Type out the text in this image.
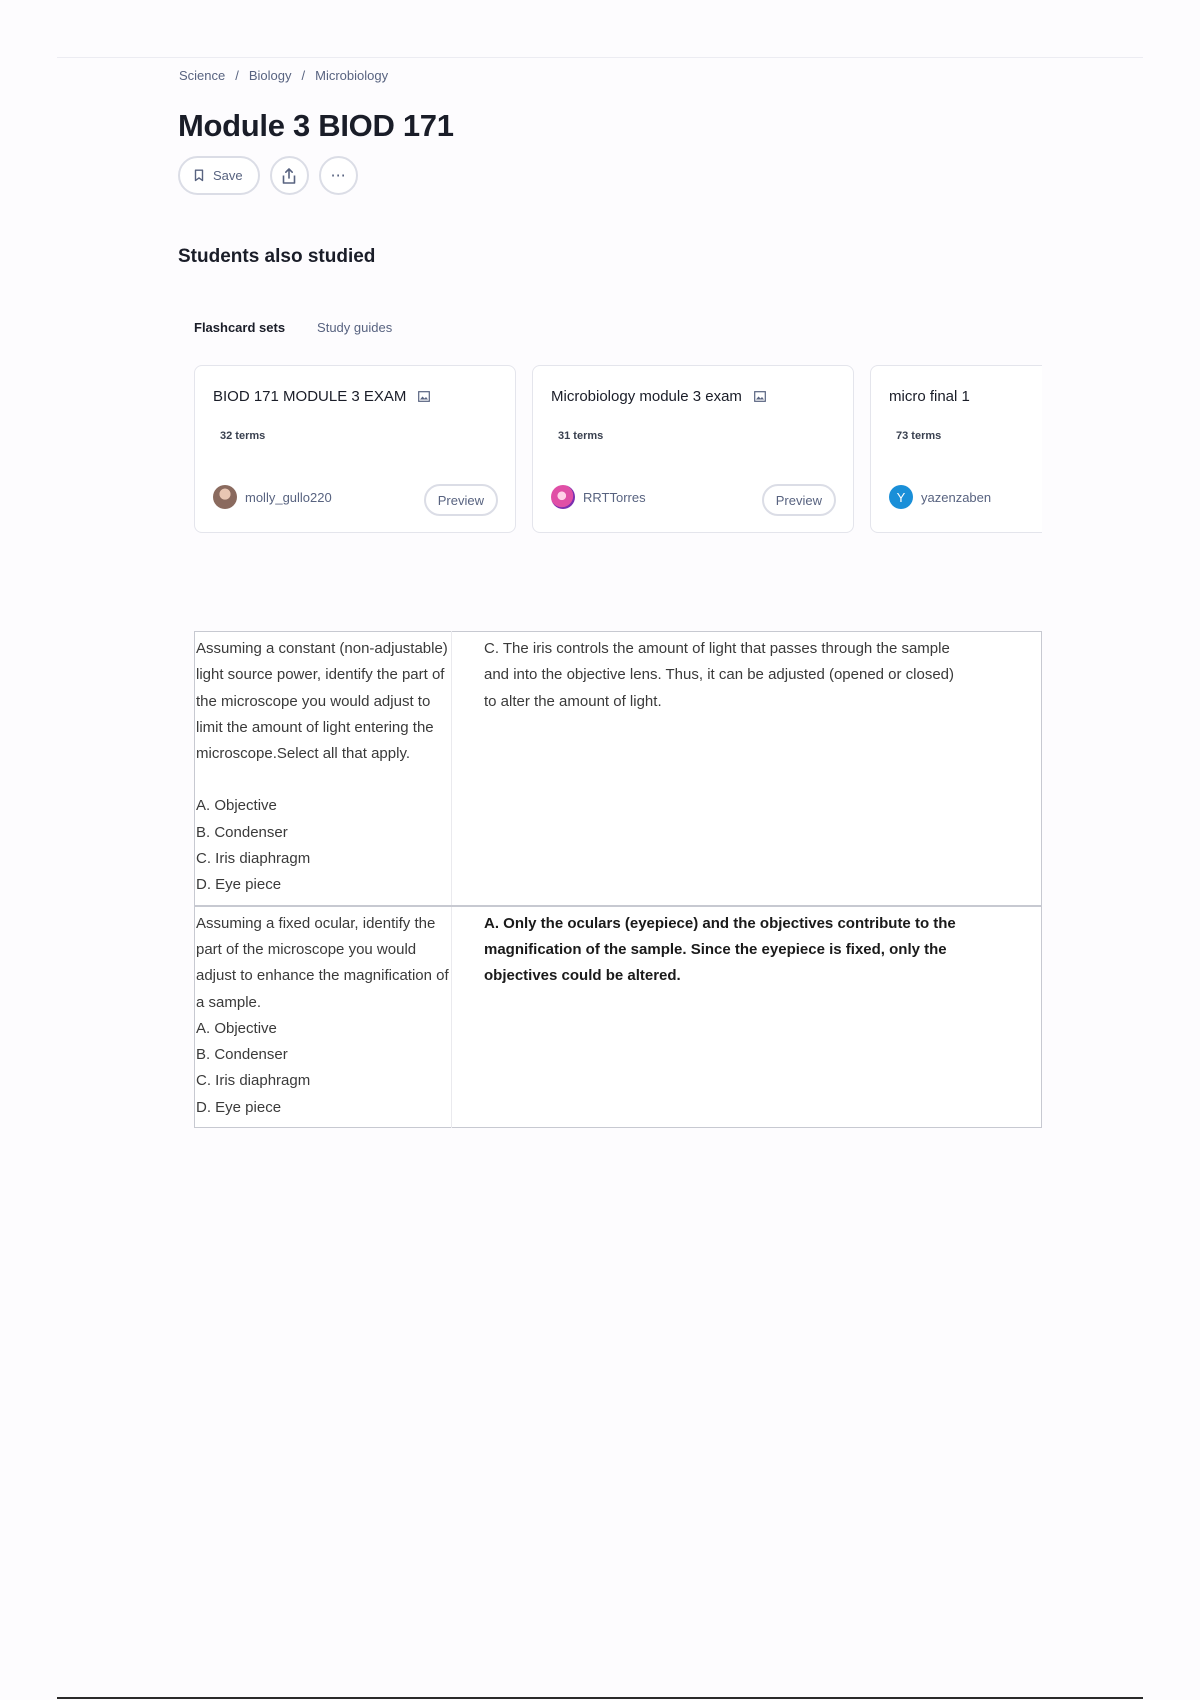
Science / Biology / Microbiology
Module 3 BIOD 171
Save	···
Students also studied
Flashcard sets Study guides
BIOD 171 MODULE 3 EXAM
32 terms
molly_gullo220	Preview
Microbiology module 3 exam
31 terms
RRTTorres	Preview
micro final 1
73 terms
Y yazenzaben
Assuming a constant (non-adjustable) light source power, identify the part of the microscope you would adjust to limit the amount of light entering the microscope.Select all that apply.
A. Objective
B. Condenser
C. Iris diaphragm
D. Eye piece	C. The iris controls the amount of light that passes through the sample and into the objective lens. Thus, it can be adjusted (opened or closed) to alter the amount of light.
Assuming a fixed ocular, identify the part of the microscope you would adjust to enhance the magnification of a sample.
A. Objective
B. Condenser
C. Iris diaphragm
D. Eye piece	A. Only the oculars (eyepiece) and the objectives contribute to the magnification of the sample. Since the eyepiece is fixed, only the objectives could be altered.
